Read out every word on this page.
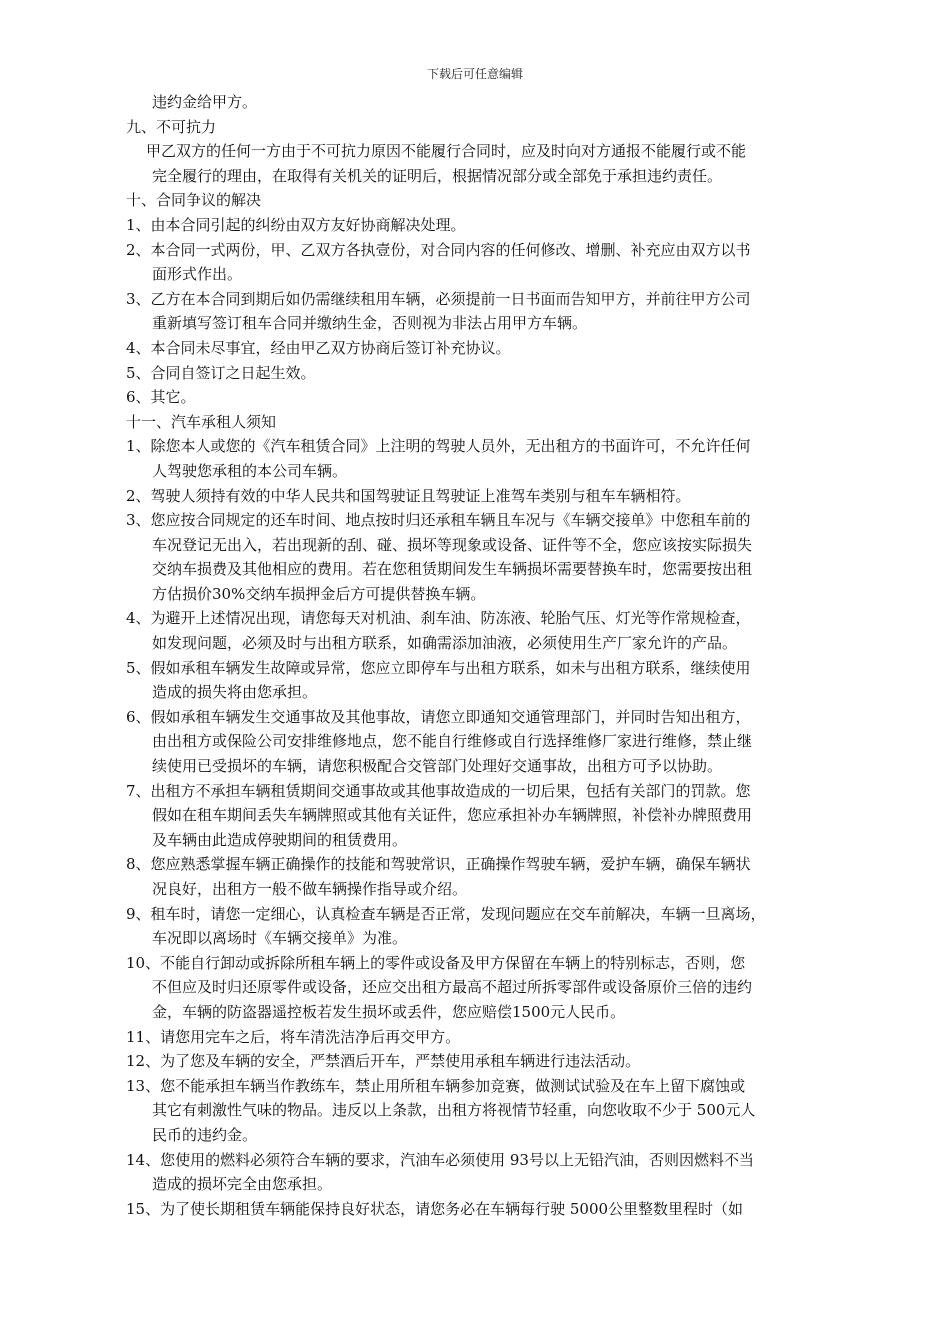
下载后可任意编辑
违约金给甲方。
九、不可抗力
甲乙双方的任何一方由于不可抗力原因不能履行合同时，应及时向对方通报不能履行或不能
完全履行的理由，在取得有关机关的证明后，根据情况部分或全部免于承担违约责任。
十、合同争议的解决
1、由本合同引起的纠纷由双方友好协商解决处理。
2、本合同一式两份，甲、乙双方各执壹份，对合同内容的任何修改、增删、补充应由双方以书
面形式作出。
3、乙方在本合同到期后如仍需继续租用车辆，必须提前一日书面而告知甲方，并前往甲方公司
重新填写签订租车合同并缴纳生金，否则视为非法占用甲方车辆。
4、本合同未尽事宜，经由甲乙双方协商后签订补充协议。
5、合同自签订之日起生效。
6、其它。
十一、汽车承租人须知
1、除您本人或您的《汽车租赁合同》上注明的驾驶人员外，无出租方的书面许可，不允许任何
人驾驶您承租的本公司车辆。
2、驾驶人须持有效的中华人民共和国驾驶证且驾驶证上准驾车类别与租车车辆相符。
3、您应按合同规定的还车时间、地点按时归还承租车辆且车况与《车辆交接单》中您租车前的
车况登记无出入，若出现新的刮、碰、损坏等现象或设备、证件等不全，您应该按实际损失
交纳车损费及其他相应的费用。若在您租赁期间发生车辆损坏需要替换车时，您需要按出租
方估损价30%交纳车损押金后方可提供替换车辆。
4、为避开上述情况出现，请您每天对机油、刹车油、防冻液、轮胎气压、灯光等作常规检查，
如发现问题，必须及时与出租方联系，如确需添加油液，必须使用生产厂家允许的产品。
5、假如承租车辆发生故障或异常，您应立即停车与出租方联系，如未与出租方联系，继续使用
造成的损失将由您承担。
6、假如承租车辆发生交通事故及其他事故，请您立即通知交通管理部门，并同时告知出租方，
由出租方或保险公司安排维修地点，您不能自行维修或自行选择维修厂家进行维修，禁止继
续使用已受损坏的车辆，请您积极配合交管部门处理好交通事故，出租方可予以协助。
7、出租方不承担车辆租赁期间交通事故或其他事故造成的一切后果，包括有关部门的罚款。您
假如在租车期间丢失车辆牌照或其他有关证件，您应承担补办车辆牌照，补偿补办牌照费用
及车辆由此造成停驶期间的租赁费用。
8、您应熟悉掌握车辆正确操作的技能和驾驶常识，正确操作驾驶车辆，爱护车辆，确保车辆状
况良好，出租方一般不做车辆操作指导或介绍。
9、租车时，请您一定细心，认真检查车辆是否正常，发现问题应在交车前解决，车辆一旦离场，
车况即以离场时《车辆交接单》为准。
10、不能自行卸动或拆除所租车辆上的零件或设备及甲方保留在车辆上的特别标志，否则，您
不但应及时归还原零件或设备，还应交出租方最高不超过所拆零部件或设备原价三倍的违约
金，车辆的防盗器遥控板若发生损坏或丢件，您应赔偿1500元人民币。
11、请您用完车之后，将车清洗洁净后再交甲方。
12、为了您及车辆的安全，严禁酒后开车，严禁使用承租车辆进行违法活动。
13、您不能承担车辆当作教练车，禁止用所租车辆参加竞赛，做测试试验及在车上留下腐蚀或
其它有刺激性气味的物品。违反以上条款，出租方将视情节轻重，向您收取不少于 500元人
民币的违约金。
14、您使用的燃料必须符合车辆的要求，汽油车必须使用 93号以上无铅汽油，否则因燃料不当
造成的损坏完全由您承担。
15、为了使长期租赁车辆能保持良好状态，请您务必在车辆每行驶 5000公里整数里程时（如
